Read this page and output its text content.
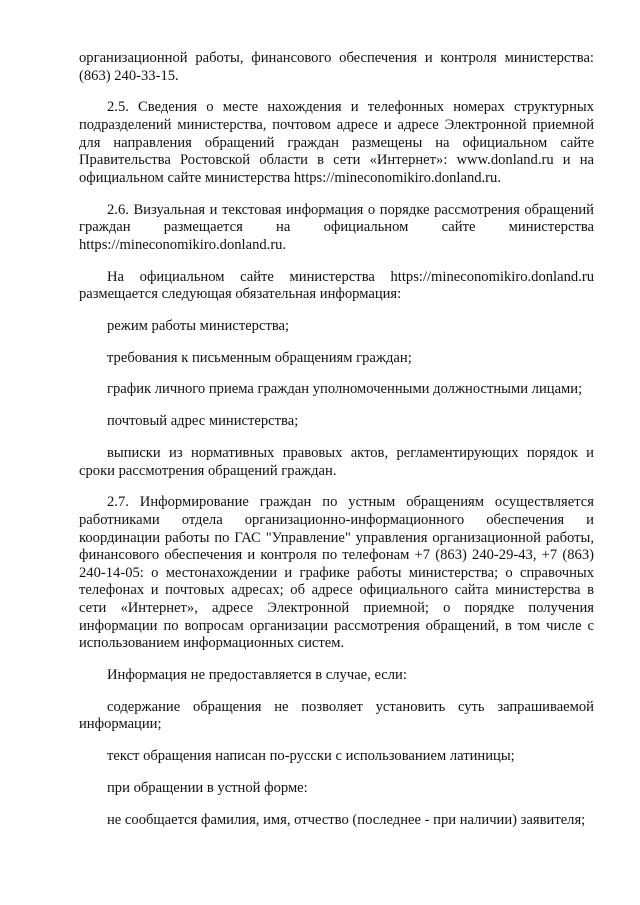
организационной работы, финансового обеспечения и контроля министерства: (863) 240-33-15.

2.5. Сведения о месте нахождения и телефонных номерах структурных подразделений министерства, почтовом адресе и адресе Электронной приемной для направления обращений граждан размещены на официальном сайте Правительства Ростовской области в сети «Интернет»: www.donland.ru и на официальном сайте министерства https://mineconomikiro.donland.ru.

2.6. Визуальная и текстовая информация о порядке рассмотрения обращений граждан размещается на официальном сайте министерства https://mineconomikiro.donland.ru.

На официальном сайте министерства https://mineconomikiro.donland.ru размещается следующая обязательная информация:

режим работы министерства;

требования к письменным обращениям граждан;

график личного приема граждан уполномоченными должностными лицами;

почтовый адрес министерства;

выписки из нормативных правовых актов, регламентирующих порядок и сроки рассмотрения обращений граждан.

2.7. Информирование граждан по устным обращениям осуществляется работниками отдела организационно-информационного обеспечения и координации работы по ГАС "Управление" управления организационной работы, финансового обеспечения и контроля по телефонам +7 (863) 240-29-43, +7 (863) 240-14-05: о местонахождении и графике работы министерства; о справочных телефонах и почтовых адресах; об адресе официального сайта министерства в сети «Интернет», адресе Электронной приемной; о порядке получения информации по вопросам организации рассмотрения обращений, в том числе с использованием информационных систем.

Информация не предоставляется в случае, если:

содержание обращения не позволяет установить суть запрашиваемой информации;

текст обращения написан по-русски с использованием латиницы;

при обращении в устной форме:

не сообщается фамилия, имя, отчество (последнее - при наличии) заявителя;
